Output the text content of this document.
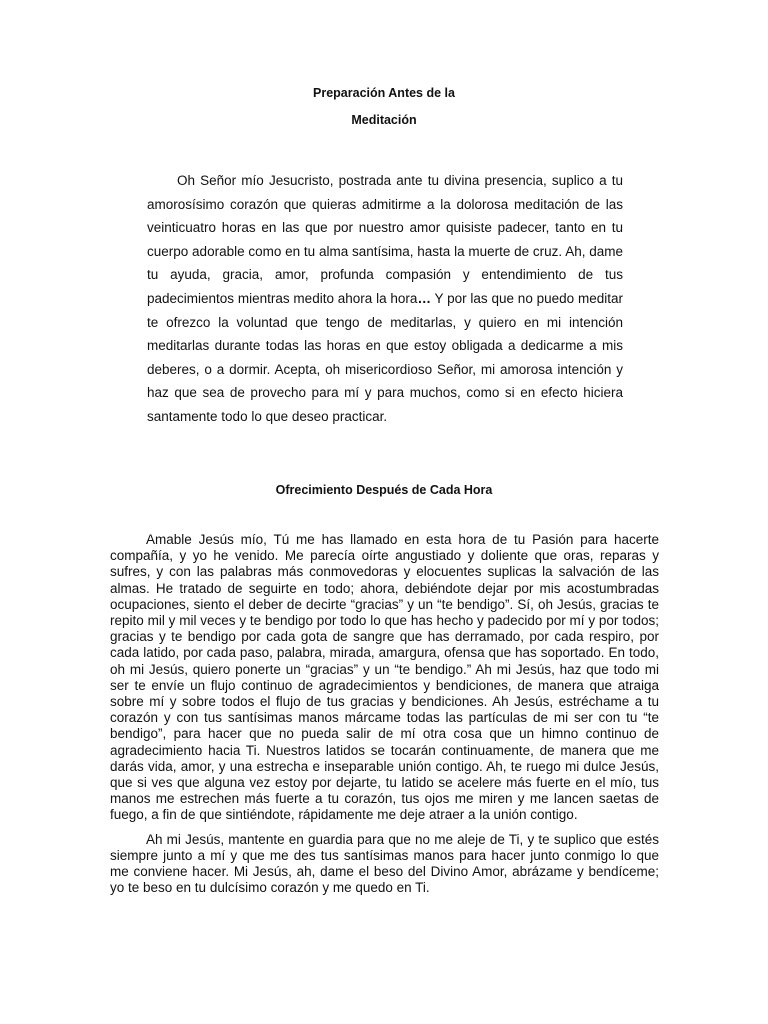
Preparación Antes de la

Meditación

Oh Señor mío Jesucristo, postrada ante tu divina presencia, suplico a tu amorosísimo corazón que quieras admitirme a la dolorosa meditación de las veinticuatro horas en las que por nuestro amor quisiste padecer, tanto en tu cuerpo adorable como en tu alma santísima, hasta la muerte de cruz. Ah, dame tu ayuda, gracia, amor, profunda compasión y entendimiento de tus padecimientos mientras medito ahora la hora… Y por las que no puedo meditar te ofrezco la voluntad que tengo de meditarlas, y quiero en mi intención meditarlas durante todas las horas en que estoy obligada a dedicarme a mis deberes, o a dormir. Acepta, oh misericordioso Señor, mi amorosa intención y haz que sea de provecho para mí y para muchos, como si en efecto hiciera santamente todo lo que deseo practicar.

Ofrecimiento Después de Cada Hora

Amable Jesús mío, Tú me has llamado en esta hora de tu Pasión para hacerte compañía, y yo he venido. Me parecía oírte angustiado y doliente que oras, reparas y sufres, y con las palabras más conmovedoras y elocuentes suplicas la salvación de las almas. He tratado de seguirte en todo; ahora, debiéndote dejar por mis acostumbradas ocupaciones, siento el deber de decirte “gracias” y un “te bendigo”. Sí, oh Jesús, gracias te repito mil y mil veces y te bendigo por todo lo que has hecho y padecido por mí y por todos; gracias y te bendigo por cada gota de sangre que has derramado, por cada respiro, por cada latido, por cada paso, palabra, mirada, amargura, ofensa que has soportado. En todo, oh mi Jesús, quiero ponerte un “gracias” y un “te bendigo.” Ah mi Jesús, haz que todo mi ser te envíe un flujo continuo de agradecimientos y bendiciones, de manera que atraiga sobre mí y sobre todos el flujo de tus gracias y bendiciones. Ah Jesús, estréchame a tu corazón y con tus santísimas manos márcame todas las partículas de mi ser con tu “te bendigo”, para hacer que no pueda salir de mí otra cosa que un himno continuo de agradecimiento hacia Ti. Nuestros latidos se tocarán continuamente, de manera que me darás vida, amor, y una estrecha e inseparable unión contigo. Ah, te ruego mi dulce Jesús, que si ves que alguna vez estoy por dejarte, tu latido se acelere más fuerte en el mío, tus manos me estrechen más fuerte a tu corazón, tus ojos me miren y me lancen saetas de fuego, a fin de que sintiéndote, rápidamente me deje atraer a la unión contigo.

Ah mi Jesús, mantente en guardia para que no me aleje de Ti, y te suplico que estés siempre junto a mí y que me des tus santísimas manos para hacer junto conmigo lo que me conviene hacer. Mi Jesús, ah, dame el beso del Divino Amor, abrázame y bendíceme; yo te beso en tu dulcísimo corazón y me quedo en Ti.
